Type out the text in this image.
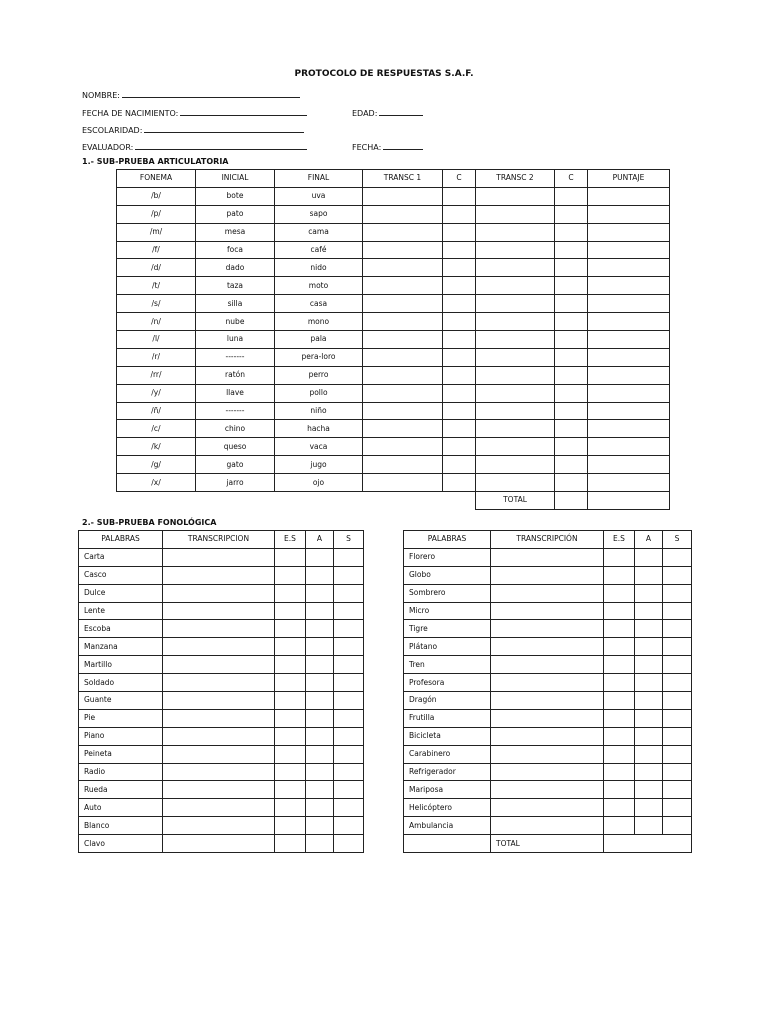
PROTOCOLO DE RESPUESTAS S.A.F.
NOMBRE:
FECHA DE NACIMIENTO:	EDAD:
ESCOLARIDAD:
EVALUADOR:	FECHA:
1.- SUB-PRUEBA ARTICULATORIA
FONEMA	INICIAL	FINAL	TRANSC 1	C	TRANSC 2	C	PUNTAJE
/b/	bote	uva					
/p/	pato	sapo					
/m/	mesa	cama					
/f/	foca	café					
/d/	dado	nido					
/t/	taza	moto					
/s/	silla	casa					
/n/	nube	mono					
/l/	luna	pala					
/r/	-------	pera-loro					
/rr/	ratón	perro					
/y/	llave	pollo					
/ñ/	-------	niño					
/c/	chino	hacha					
/k/	queso	vaca					
/g/	gato	jugo					
/x/	jarro	ojo					
					TOTAL		
2.- SUB-PRUEBA FONOLÓGICA
PALABRAS	TRANSCRIPCION	E.S	A	S
Carta				
Casco				
Dulce				
Lente				
Escoba				
Manzana				
Martillo				
Soldado				
Guante				
Pie				
Piano				
Peineta				
Radio				
Rueda				
Auto				
Blanco				
Clavo				
PALABRAS	TRANSCRIPCIÓN	E.S	A	S
Florero				
Globo				
Sombrero				
Micro				
Tigre				
Plátano				
Tren				
Profesora				
Dragón				
Frutilla				
Bicicleta				
Carabinero				
Refrigerador				
Mariposa				
Helicóptero				
Ambulancia				
	TOTAL			
